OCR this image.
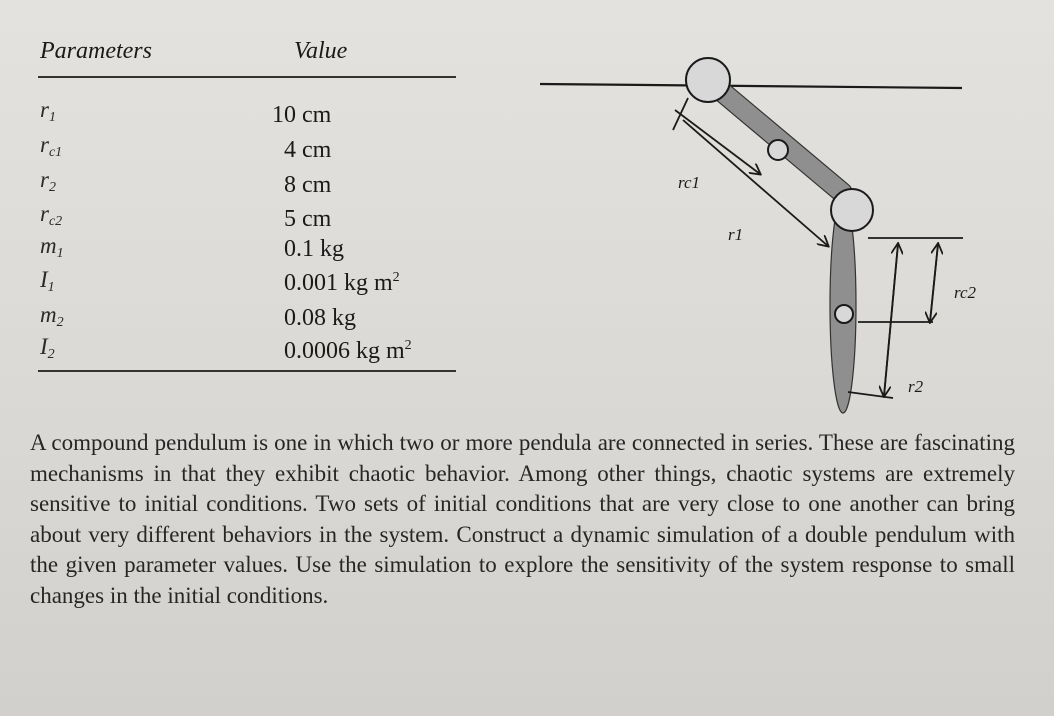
Parameters	Value
$r_1$	10 cm
$r_{c1}$	4 cm
$r_2$	8 cm
$r_{c2}$	5 cm
$m_1$	0.1 kg
$I_1$	0.001 kg $m^2$
$m_2$	0.08 kg
$I_2$	0.0006 kg $m^2$
rc1
r1
rc2
r2

A compound pendulum is one in which two or more pendula are connected in series. These are fascinating mechanisms in that they exhibit chaotic behavior. Among other things, chaotic systems are extremely sensitive to initial conditions. Two sets of initial conditions that are very close to one another can bring about very different behaviors in the system. Construct a dynamic simulation of a double pendulum with the given parameter values. Use the simulation to explore the sensitivity of the system response to small changes in the initial conditions.
